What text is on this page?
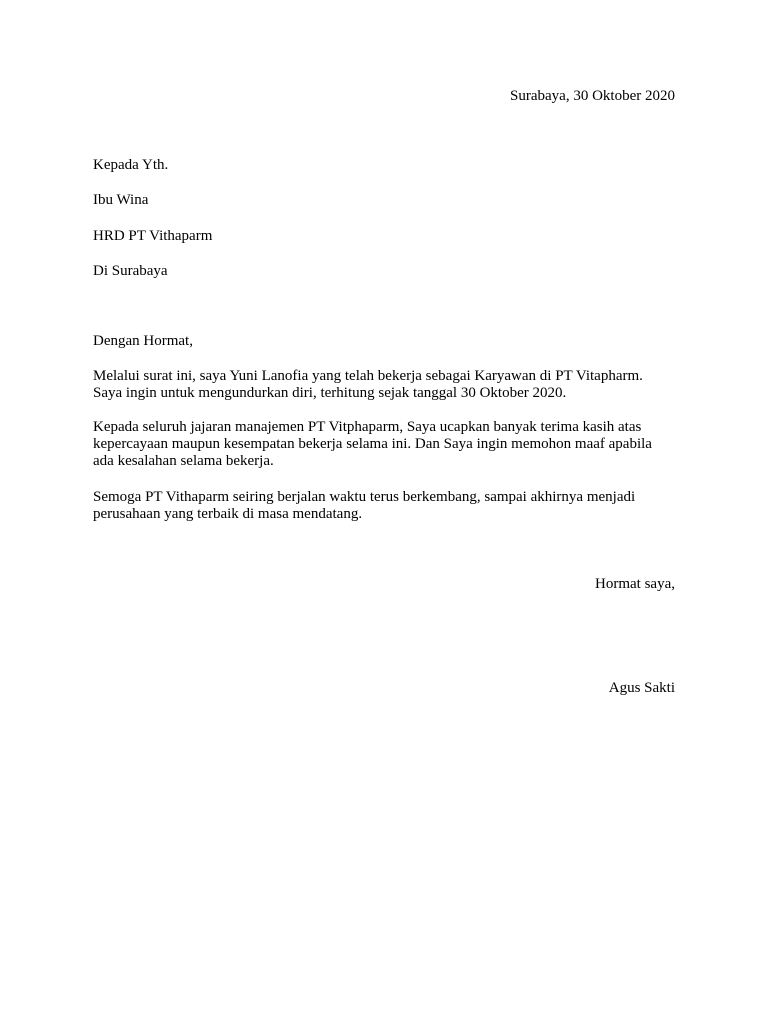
Surabaya, 30 Oktober 2020
Kepada Yth.
Ibu Wina
HRD PT Vithaparm
Di Surabaya
Dengan Hormat,
Melalui surat ini, saya Yuni Lanofia yang telah bekerja sebagai Karyawan di PT Vitapharm.
Saya ingin untuk mengundurkan diri, terhitung sejak tanggal 30 Oktober 2020.
Kepada seluruh jajaran manajemen PT Vitphaparm, Saya ucapkan banyak terima kasih atas
kepercayaan maupun kesempatan bekerja selama ini. Dan Saya ingin memohon maaf apabila
ada kesalahan selama bekerja.
Semoga PT Vithaparm seiring berjalan waktu terus berkembang, sampai akhirnya menjadi
perusahaan yang terbaik di masa mendatang.
Hormat saya,
Agus Sakti
